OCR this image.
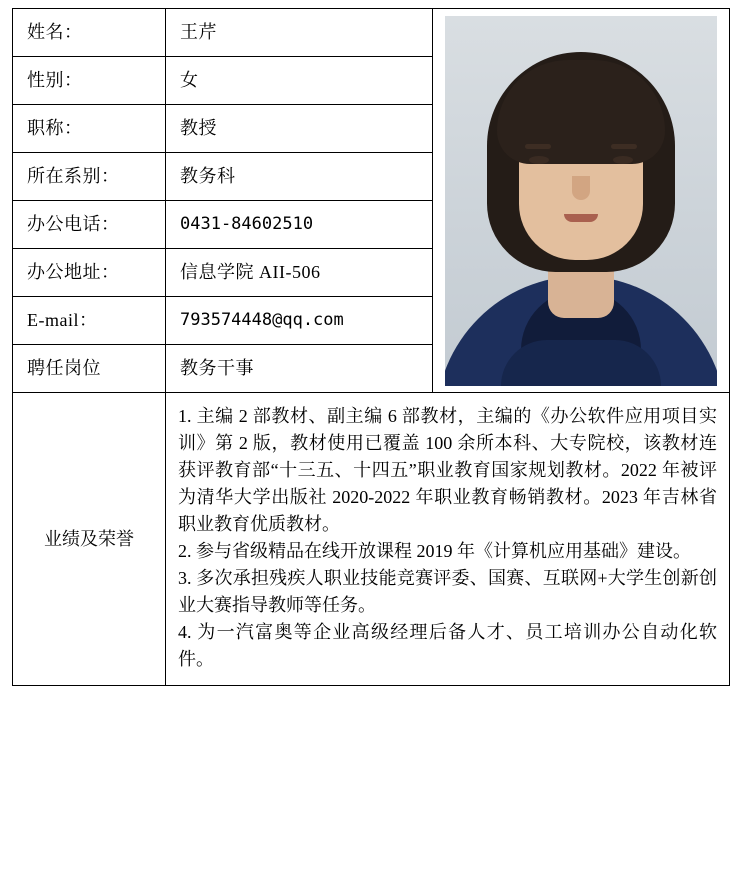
姓名：	王芹	

性别：	女	
职称：	教授	
所在系别：	教务科	
办公电话：	0431-84602510	
办公地址：	信息学院 AII-506	
E-mail：	793574448@qq.com	
聘任岗位	教务干事	
业绩及荣誉	1. 主编 2 部教材、副主编 6 部教材，主编的《办公软件应用项目实训》第 2 版，教材使用已覆盖 100 余所本科、大专院校，该教材连获评教育部“十三五、十四五”职业教育国家规划教材。2022 年被评为清华大学出版社 2020-2022 年职业教育畅销教材。2023 年吉林省职业教育优质教材。

2. 参与省级精品在线开放课程 2019 年《计算机应用基础》建设。

3. 多次承担残疾人职业技能竞赛评委、国赛、互联网+大学生创新创业大赛指导教师等任务。

4. 为一汽富奥等企业高级经理后备人才、员工培训办公自动化软件。	
